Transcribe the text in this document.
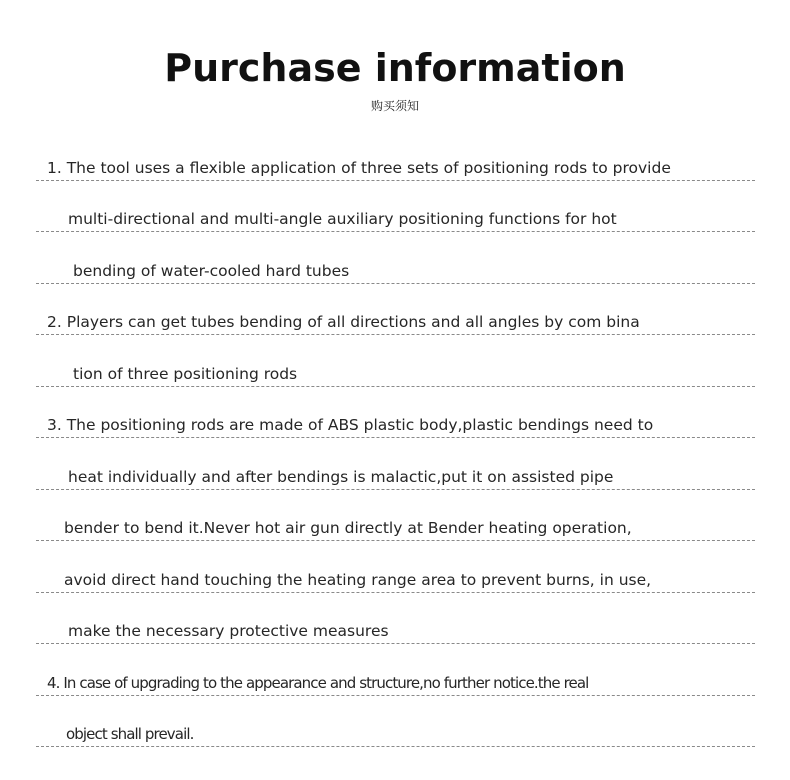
Purchase information
购买须知
1. The tool uses a flexible application of three sets of positioning rods to provide
multi-directional and multi-angle auxiliary positioning functions for hot
bending of water-cooled hard tubes
2. Players can get tubes bending of all directions and all angles by com bina
tion of three positioning rods
3. The positioning rods are made of ABS plastic body,plastic bendings need to
heat individually and after bendings is malactic,put it on assisted pipe
bender to bend it.Never hot air gun directly at Bender heating operation,
avoid direct hand touching the heating range area to prevent burns, in use,
make the necessary protective measures
4. In case of upgrading to the appearance and structure,no further notice.the real
object shall prevail.
